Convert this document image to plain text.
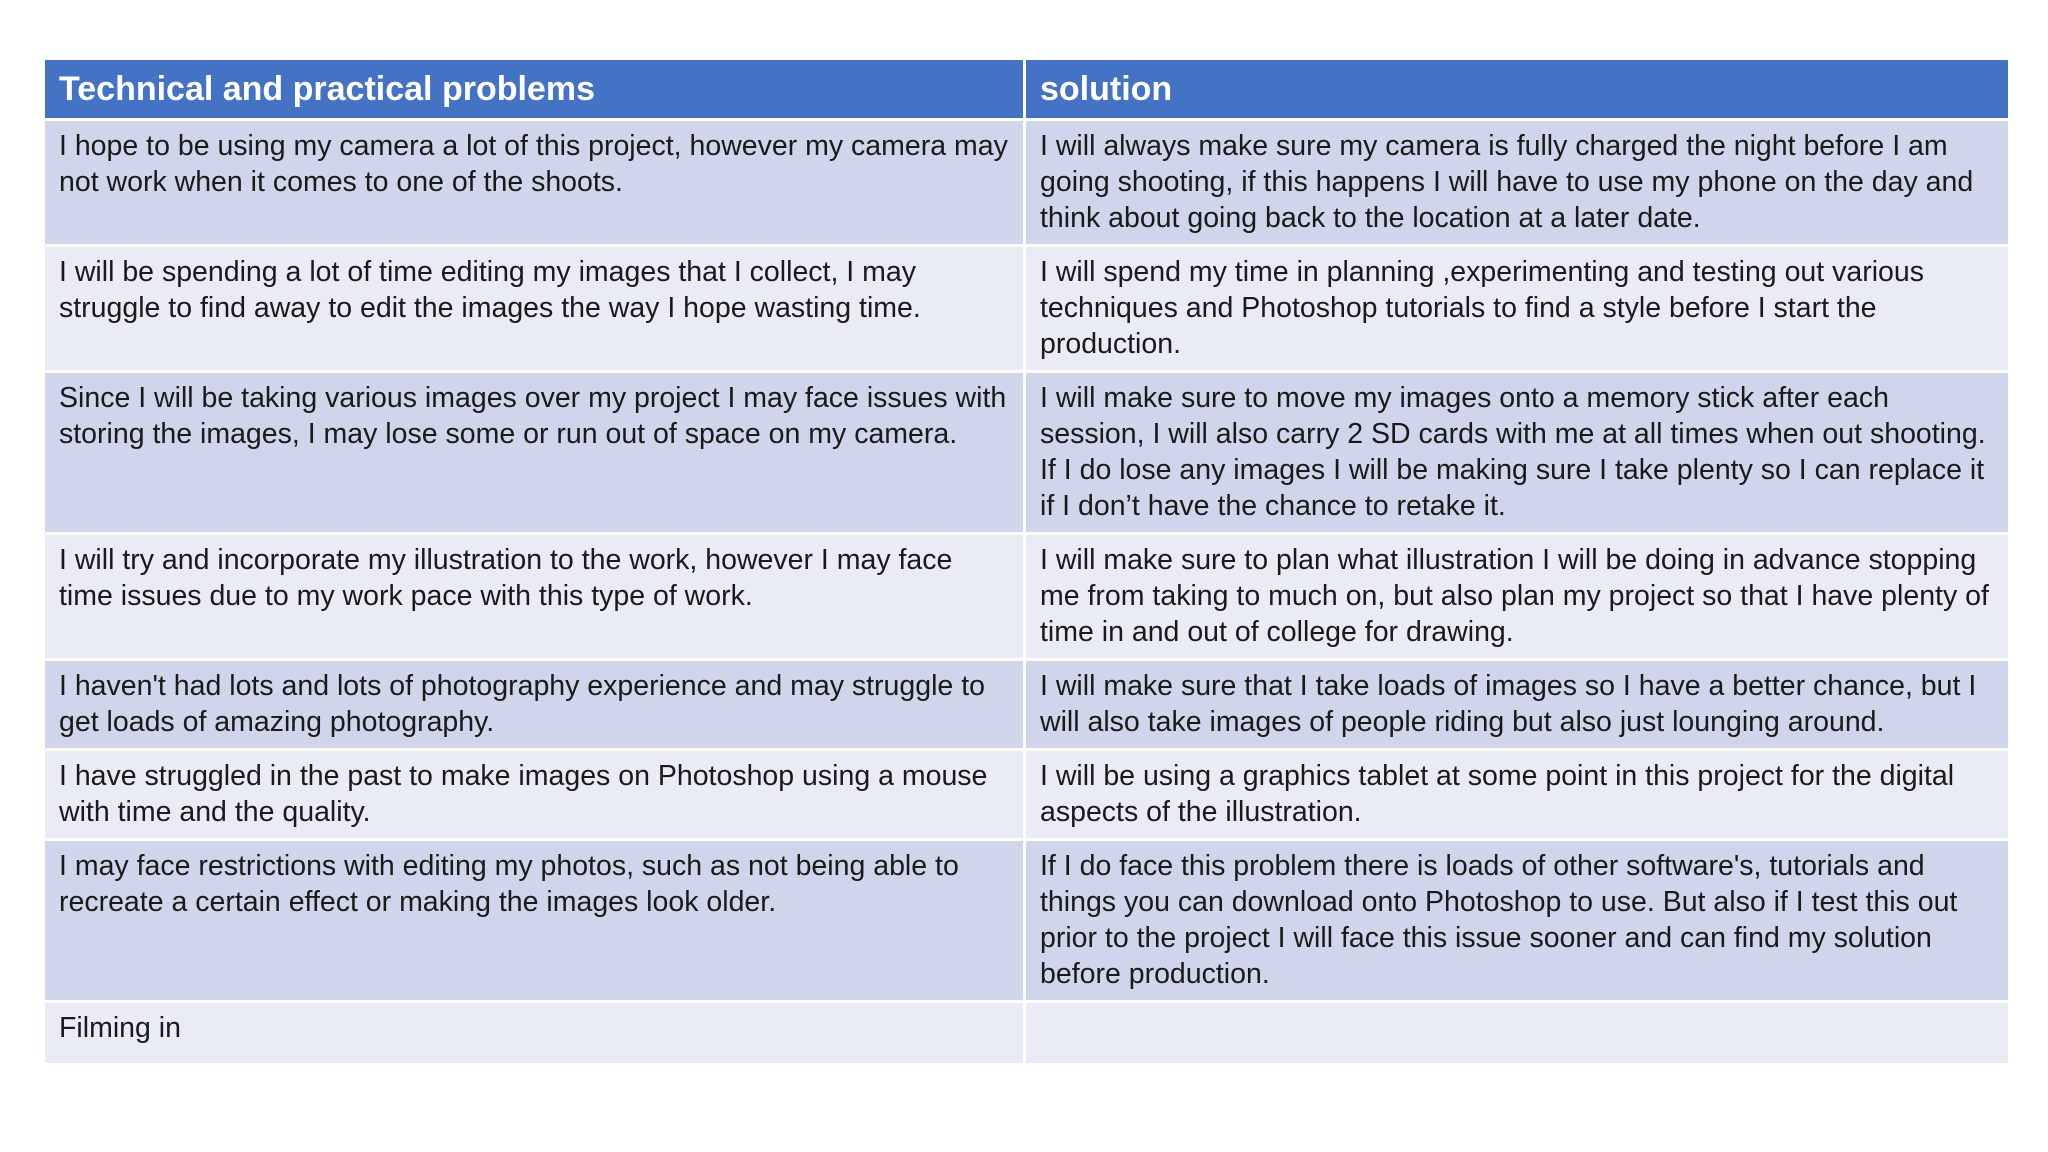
Technical and practical problems	solution
I hope to be using my camera a lot of this project, however my camera may not work when it comes to one of the shoots.	I will always make sure my camera is fully charged the night before I am going shooting, if this happens I will have to use my phone on the day and think about going back to the location at a later date.
I will be spending a lot of time editing my images that I collect, I may struggle to find away to edit the images the way I hope wasting time.	I will spend my time in planning ,experimenting and testing out various techniques and Photoshop tutorials to find a style before I start the production.
Since I will be taking various images over my project I may face issues with storing the images, I may lose some or run out of space on my camera.	I will make sure to move my images onto a memory stick after each session, I will also carry 2 SD cards with me at all times when out shooting. If I do lose any images I will be making sure I take plenty so I can replace it if I don’t have the chance to retake it.
I will try and incorporate my illustration to the work, however I may face time issues due to my work pace with this type of work.	I will make sure to plan what illustration I will be doing in advance stopping me from taking to much on, but also plan my project so that I have plenty of time in and out of college for drawing.
I haven't had lots and lots of photography experience and may struggle to get loads of amazing photography.	I will make sure that I take loads of images so I have a better chance, but I will also take images of people riding but also just lounging around.
I have struggled in the past to make images on Photoshop using a mouse with time and the quality.	I will be using a graphics tablet at some point in this project for the digital aspects of the illustration.
I may face restrictions with editing my photos, such as not being able to recreate a certain effect or making the images look older.	If I do face this problem there is loads of other software's, tutorials and things you can download onto Photoshop to use. But also if I test this out prior to the project I will face this issue sooner and can find my solution before production.
Filming in	
